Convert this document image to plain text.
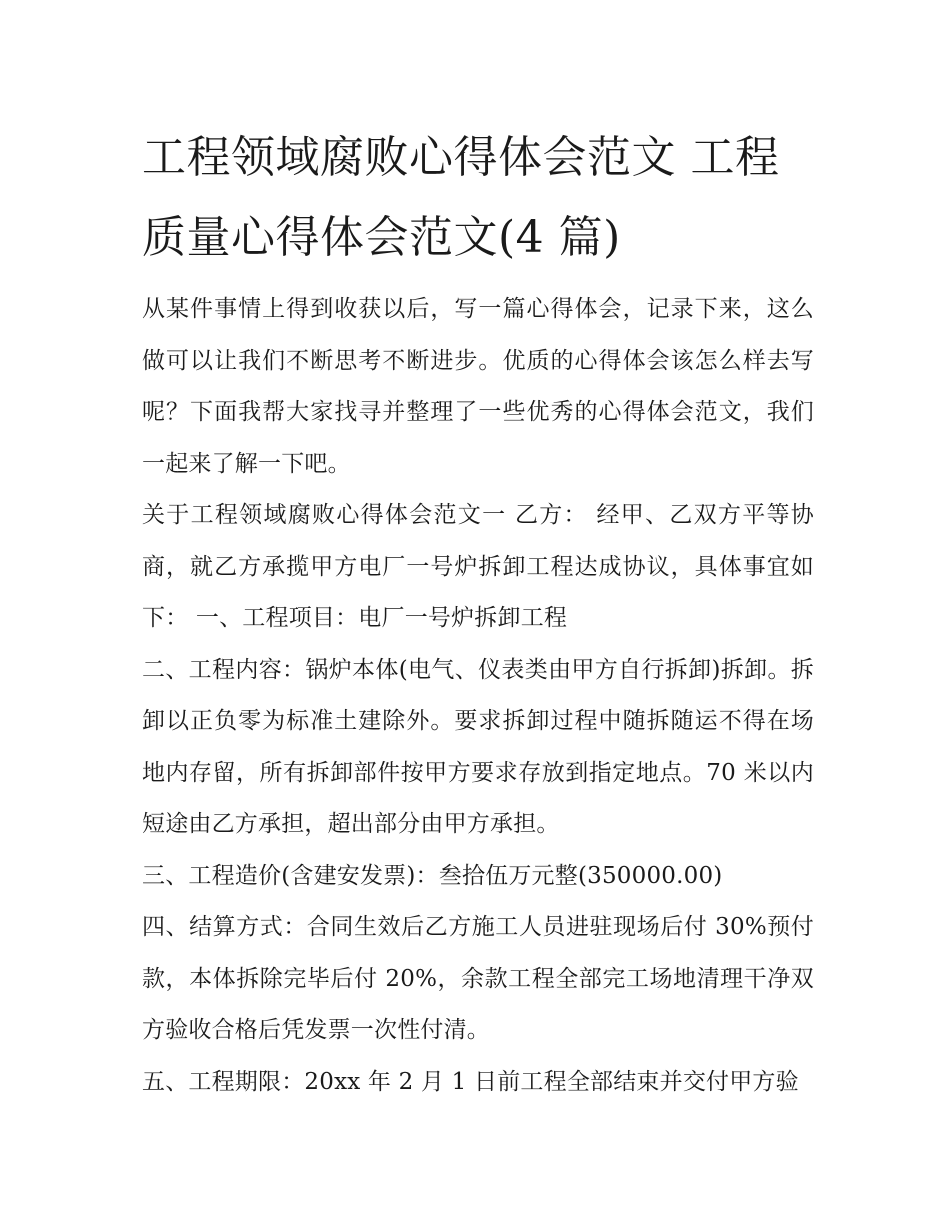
工程领域腐败心得体会范文 工程质量心得体会范文(4 篇)

从某件事情上得到收获以后，写一篇心得体会，记录下来，这么做可以让我们不断思考不断进步。优质的心得体会该怎么样去写呢？下面我帮大家找寻并整理了一些优秀的心得体会范文，我们一起来了解一下吧。

关于工程领域腐败心得体会范文一 乙方： 经甲、乙双方平等协商，就乙方承揽甲方电厂一号炉拆卸工程达成协议，具体事宜如下： 一、工程项目：电厂一号炉拆卸工程

二、工程内容：锅炉本体(电气、仪表类由甲方自行拆卸)拆卸。拆卸以正负零为标准土建除外。要求拆卸过程中随拆随运不得在场地内存留，所有拆卸部件按甲方要求存放到指定地点。70 米以内短途由乙方承担，超出部分由甲方承担。

三、工程造价(含建安发票)：叁拾伍万元整(350000.00)

四、结算方式：合同生效后乙方施工人员进驻现场后付 30%预付款，本体拆除完毕后付 20%，余款工程全部完工场地清理干净双方验收合格后凭发票一次性付清。

五、工程期限：20xx 年 2 月 1 日前工程全部结束并交付甲方验
